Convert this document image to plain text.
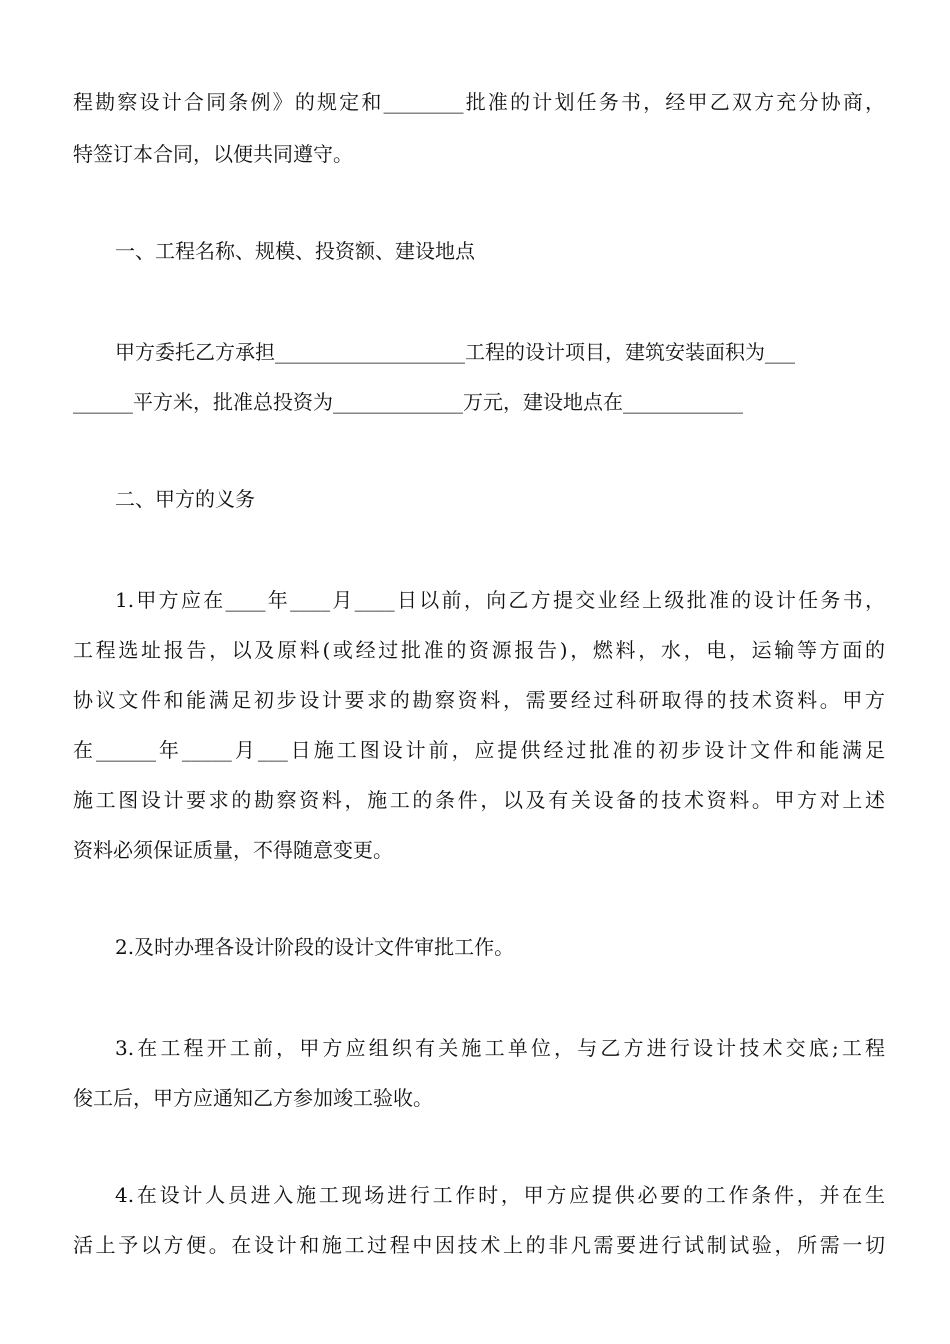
程勘察设计合同条例》的规定和________批准的计划任务书，经甲乙双方充分协商，
特签订本合同，以便共同遵守。
一、工程名称、规模、投资额、建设地点
甲方委托乙方承担___________________工程的设计项目，建筑安装面积为___
______平方米，批准总投资为_____________万元，建设地点在____________
二、甲方的义务
1.甲方应在____年____月____日以前，向乙方提交业经上级批准的设计任务书，
工程选址报告，以及原料(或经过批准的资源报告)，燃料，水，电，运输等方面的
协议文件和能满足初步设计要求的勘察资料，需要经过科研取得的技术资料。甲方
在______年_____月___日施工图设计前，应提供经过批准的初步设计文件和能满足
施工图设计要求的勘察资料，施工的条件，以及有关设备的技术资料。甲方对上述
资料必须保证质量，不得随意变更。
2.及时办理各设计阶段的设计文件审批工作。
3.在工程开工前，甲方应组织有关施工单位，与乙方进行设计技术交底;工程
俊工后，甲方应通知乙方参加竣工验收。
4.在设计人员进入施工现场进行工作时，甲方应提供必要的工作条件，并在生
活上予以方便。在设计和施工过程中因技术上的非凡需要进行试制试验，所需一切
